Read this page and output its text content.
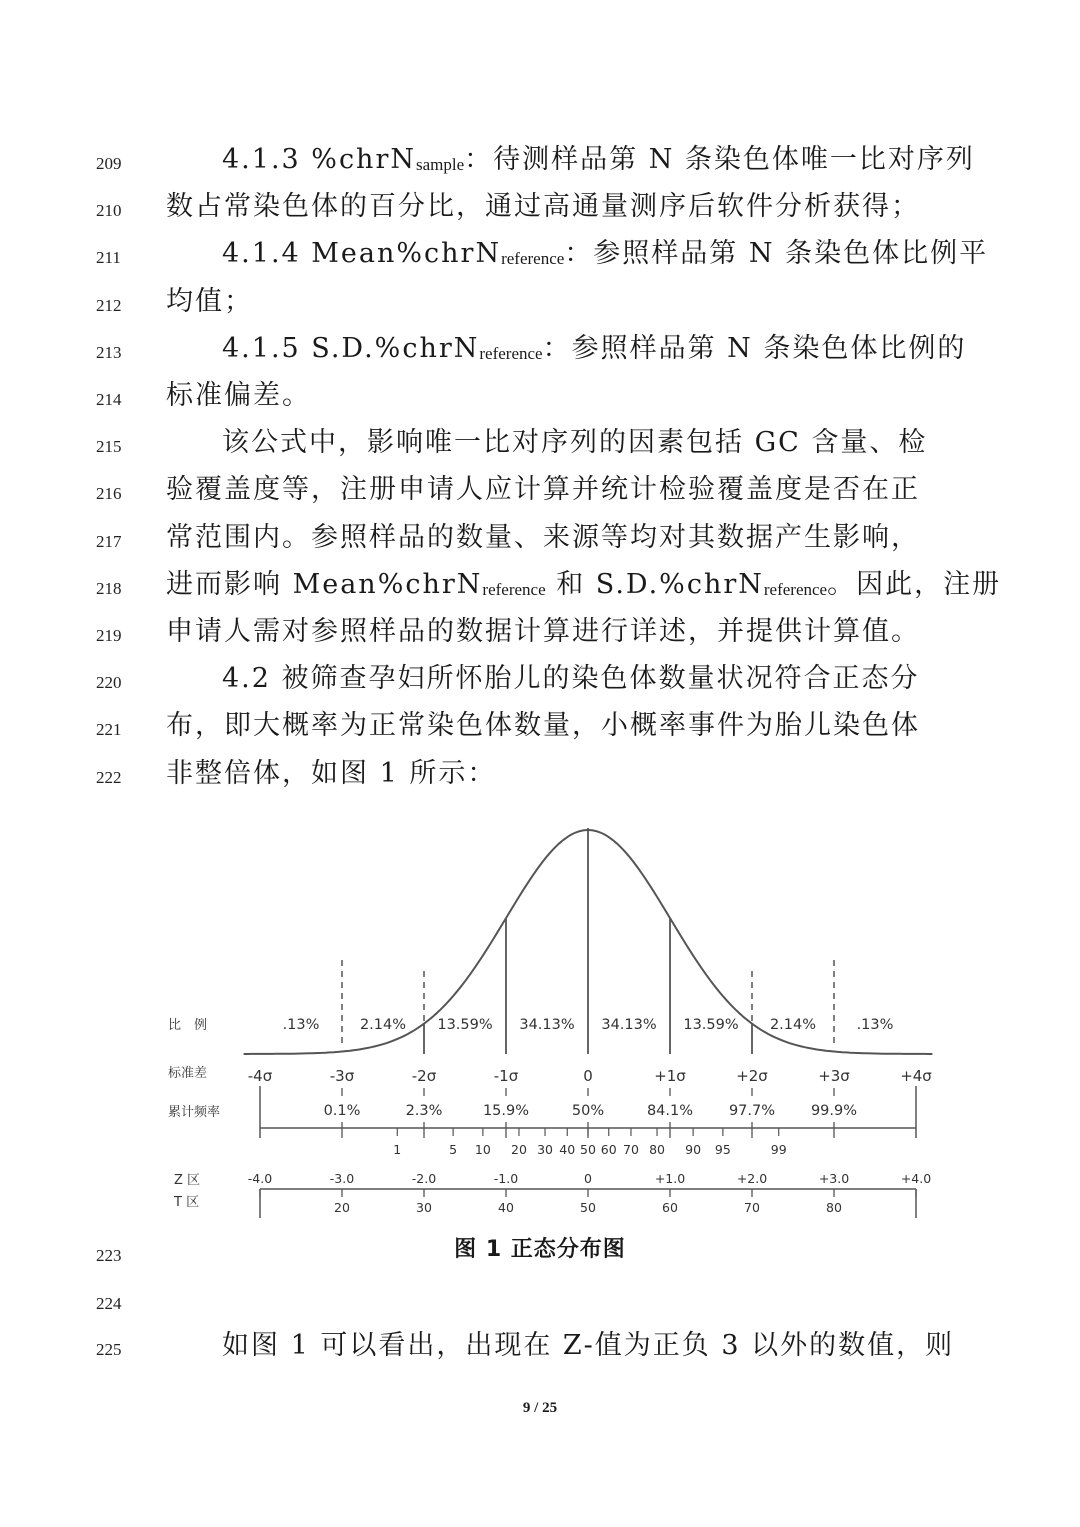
209	4.1.3 %chrN$_{sample}$：待测样品第 N 条染色体唯一比对序列
210	数占常染色体的百分比，通过高通量测序后软件分析获得；
211	4.1.4 Mean%chrN$_{reference}$：参照样品第 N 条染色体比例平
212	均值；
213	4.1.5 S.D.%chrN$_{reference}$：参照样品第 N 条染色体比例的
214	标准偏差。
215	该公式中，影响唯一比对序列的因素包括 GC 含量、检
216	验覆盖度等，注册申请人应计算并统计检验覆盖度是否在正
217	常范围内。参照样品的数量、来源等均对其数据产生影响，
218	进而影响 Mean%chrN$_{reference}$ 和 S.D.%chrN$_{reference}$。因此，注册
219	申请人需对参照样品的数据计算进行详述，并提供计算值。
220	4.2 被筛查孕妇所怀胎儿的染色体数量状况符合正态分
221	布，即大概率为正常染色体数量，小概率事件为胎儿染色体
222	非整倍体，如图 1 所示：
比　例
标准差
累计频率
Z 区
T 区
.13%	2.14% 13.59% 34.13% 34.13% 13.59% 2.14%	.13%
-4σ	-3σ	-2σ	-1σ	0	+1σ	+2σ	+3σ	+4σ
0.1%	2.3%	15.9%	50%	84.1% 97.7% 99.9%
1	5 10 20 30 40 50 60 70 80 90 95	99
-4.0	-3.0	-2.0	-1.0	0	+1.0	+2.0	+3.0	+4.0
20	30	40	50	60	70	80
223	图 1 正态分布图
224
225	如图 1 可以看出，出现在 Z-值为正负 3 以外的数值，则
9 / 25
